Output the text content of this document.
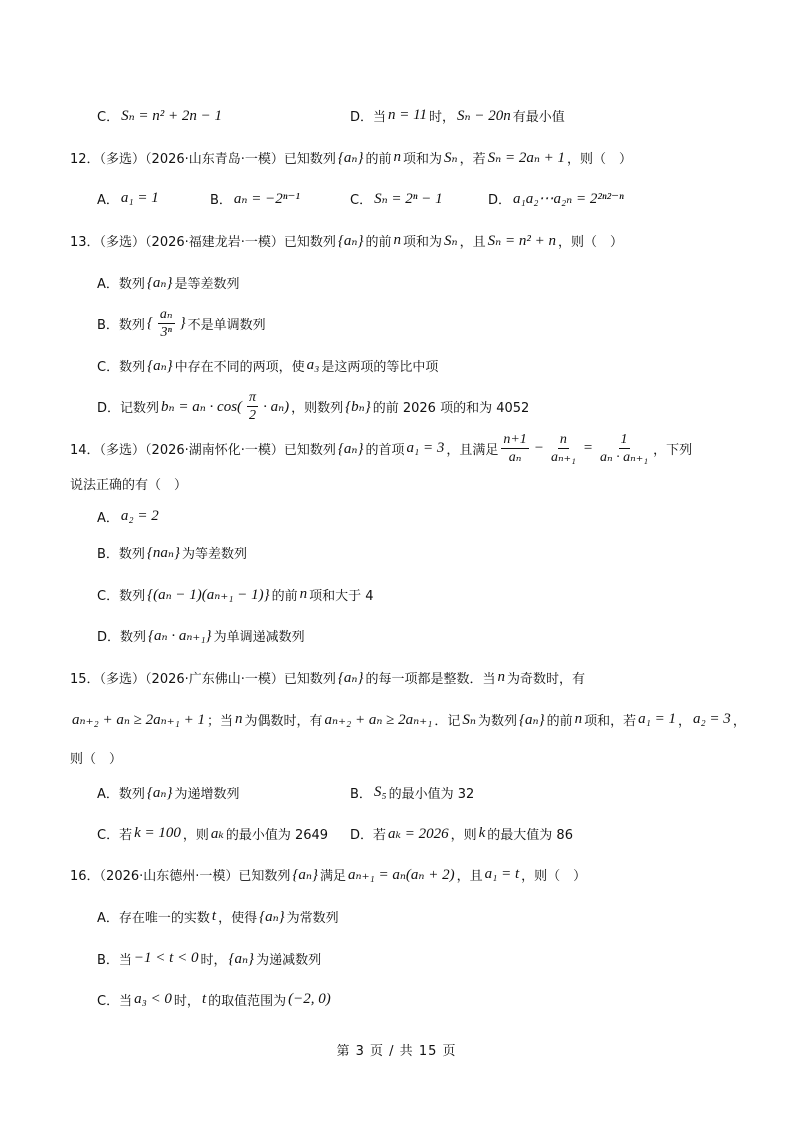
C． Sₙ = n² + 2n − 1	D．当 n = 11 时， Sₙ − 20n 有最小值
12．（多选）（2026·山东青岛·一模）已知数列 {aₙ} 的前 n 项和为 Sₙ ，若 Sₙ = 2aₙ + 1 ，则（　）
A． a₁ = 1	B． aₙ = −2ⁿ⁻¹	C． Sₙ = 2ⁿ − 1	D． a₁a₂⋯a₂ₙ = 2²ⁿ²⁻ⁿ
13．（多选）（2026·福建龙岩·一模）已知数列 {aₙ} 的前 n 项和为 Sₙ ，且 Sₙ = n² + n ，则（　）
A．数列 {aₙ} 是等差数列
B．数列 { $\frac{\text{aₙ}}{\text{3ⁿ}}$ } 不是单调数列
C．数列 {aₙ} 中存在不同的两项，使 a₃ 是这两项的等比中项
D．记数列 $b_n = a_n \cdot \cos( \frac{\pi}{2} \cdot a_n)$ ，则数列 {bₙ} 的前 2026 项的和为 4052
14．（多选）（2026·湖南怀化·一模）已知数列 {aₙ} 的首项 a₁ = 3 ，且满足 $\frac{n+1}{\text{aₙ}} - \frac{n}{\text{aₙ₊₁}} = \frac{1}{\text{aₙ · aₙ₊₁}}$ ，下列
说法正确的有（　）
A． a₂ = 2
B．数列 {naₙ} 为等差数列
C．数列 {(aₙ − 1)(aₙ₊₁ − 1)} 的前 n 项和大于 4
D．数列 {aₙ · aₙ₊₁} 为单调递减数列
15．（多选）（2026·广东佛山·一模）已知数列 {aₙ} 的每一项都是整数．当 n 为奇数时，有
aₙ₊₂ + aₙ ≥ 2aₙ₊₁ + 1 ；当 n 为偶数时，有 aₙ₊₂ + aₙ ≥ 2aₙ₊₁ ．记 Sₙ 为数列 {aₙ} 的前 n 项和，若 a₁ = 1 ， a₂ = 3 ，
则（　）
A．数列 {aₙ} 为递增数列	B． S₅ 的最小值为 32
C．若 k = 100 ，则 aₖ 的最小值为 2649 D．若 aₖ = 2026 ，则 k 的最大值为 86
16．（2026·山东德州·一模）已知数列 {aₙ} 满足 aₙ₊₁ = aₙ(aₙ + 2) ，且 a₁ = t ，则（　）
A．存在唯一的实数 t ，使得 {aₙ} 为常数列
B．当 −1 < t < 0 时， {aₙ} 为递减数列
C．当 a₃ < 0 时， t 的取值范围为 (−2, 0)
第 3 页 / 共 15 页
